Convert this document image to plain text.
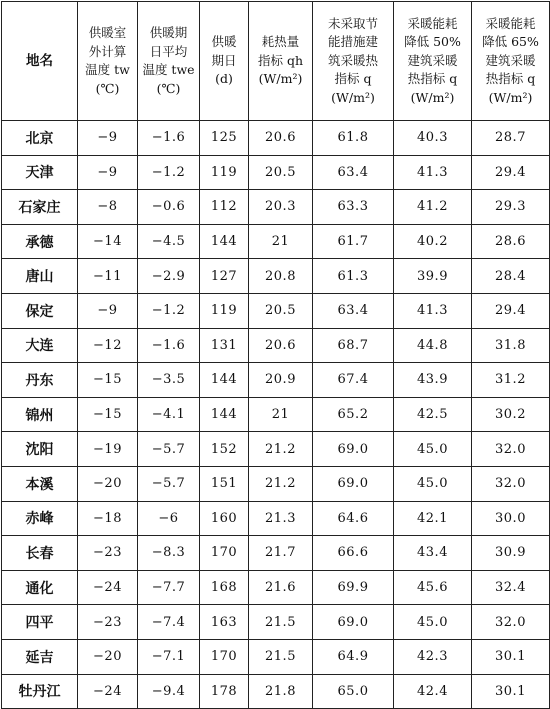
地名	供暖室
外计算
温度 tw
(℃)	供暖期
日平均
温度 twe
(℃)	供暖
期日
(d)	耗热量
指标 qh
(W/m²)	未采取节
能措施建
筑采暖热
指标 q
(W/m²)	采暖能耗
降低 50%
建筑采暖
热指标 q
(W/m²)	采暖能耗
降低 65%
建筑采暖
热指标 q
(W/m²)

北京	−9	−1.6	125	20.6	61.8	40.3	28.7
天津	−9	−1.2	119	20.5	63.4	41.3	29.4
石家庄	−8	−0.6	112	20.3	63.3	41.2	29.3
承德	−14	−4.5	144	21	61.7	40.2	28.6
唐山	−11	−2.9	127	20.8	61.3	39.9	28.4
保定	−9	−1.2	119	20.5	63.4	41.3	29.4
大连	−12	−1.6	131	20.6	68.7	44.8	31.8
丹东	−15	−3.5	144	20.9	67.4	43.9	31.2
锦州	−15	−4.1	144	21	65.2	42.5	30.2
沈阳	−19	−5.7	152	21.2	69.0	45.0	32.0
本溪	−20	−5.7	151	21.2	69.0	45.0	32.0
赤峰	−18	−6	160	21.3	64.6	42.1	30.0
长春	−23	−8.3	170	21.7	66.6	43.4	30.9
通化	−24	−7.7	168	21.6	69.9	45.6	32.4
四平	−23	−7.4	163	21.5	69.0	45.0	32.0
延吉	−20	−7.1	170	21.5	64.9	42.3	30.1
牡丹江	−24	−9.4	178	21.8	65.0	42.4	30.1
